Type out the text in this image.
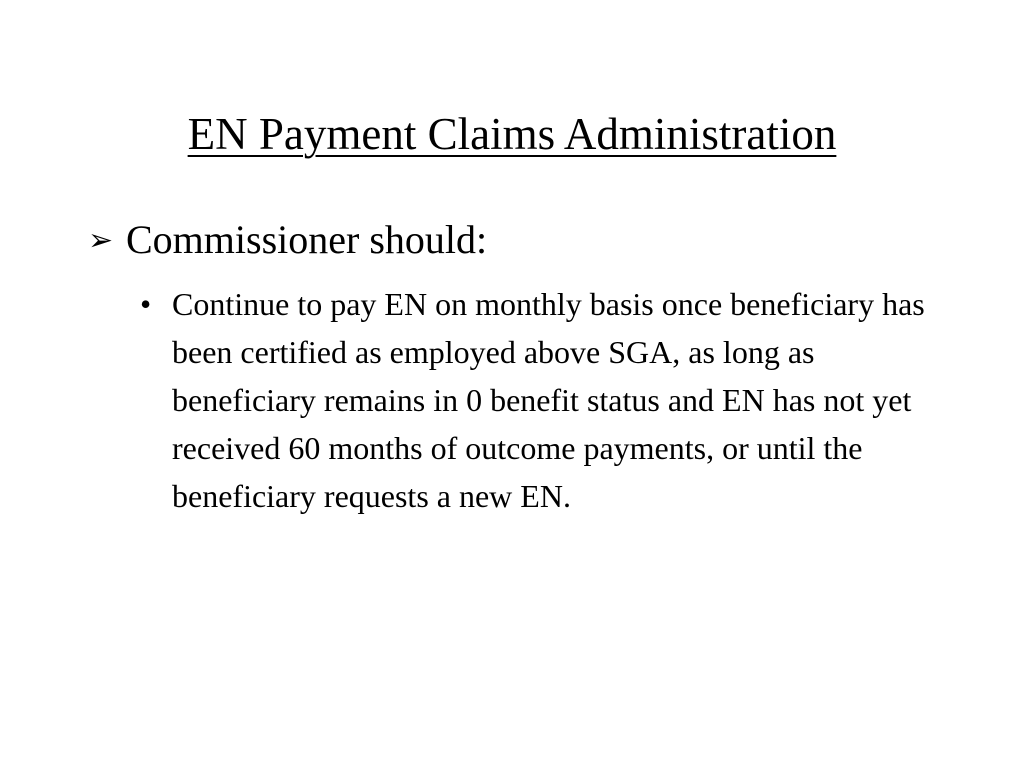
EN Payment Claims Administration
➢ Commissioner should:
• Continue to pay EN on monthly basis once beneficiary has been certified as employed above SGA, as long as beneficiary remains in 0 benefit status and EN has not yet received 60 months of outcome payments, or until the beneficiary requests a new EN.
